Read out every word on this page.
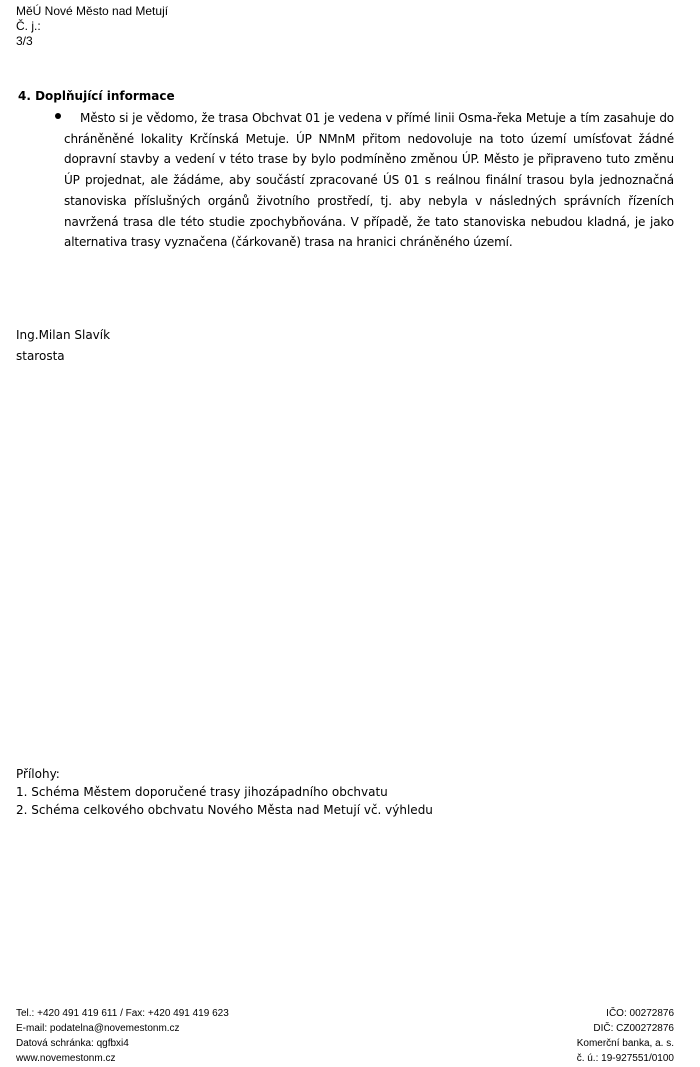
MěÚ Nové Město nad Metují
Č. j.:
3/3
4. Doplňující informace
Město si je vědomo, že trasa Obchvat 01 je vedena v přímé linii Osma-řeka Metuje a tím zasahuje do chráněněné lokality Krčínská Metuje. ÚP NMnM přitom nedovoluje na toto území umísťovat žádné dopravní stavby a vedení v této trase by bylo podmíněno změnou ÚP. Město je připraveno tuto změnu ÚP projednat, ale žádáme, aby součástí zpracované ÚS 01 s reálnou finální trasou byla jednoznačná stanoviska příslušných orgánů životního prostředí, tj. aby nebyla v následných správních řízeních navržená trasa dle této studie zpochybňována. V případě, že tato stanoviska nebudou kladná, je jako alternativa trasy vyznačena (čárkovaně) trasa na hranici chráněného území.
Ing.Milan Slavík
starosta
Přílohy:
1. Schéma Městem doporučené trasy jihozápadního obchvatu
2. Schéma celkového obchvatu Nového Města nad Metují vč. výhledu
Tel.: +420 491 419 611 / Fax: +420 491 419 623
E-mail: podatelna@novemestonm.cz
Datová schránka: qgfbxi4
www.novemestonm.cz
IČO: 00272876
DIČ: CZ00272876
Komerční banka, a. s.
č. ú.: 19-927551/0100
